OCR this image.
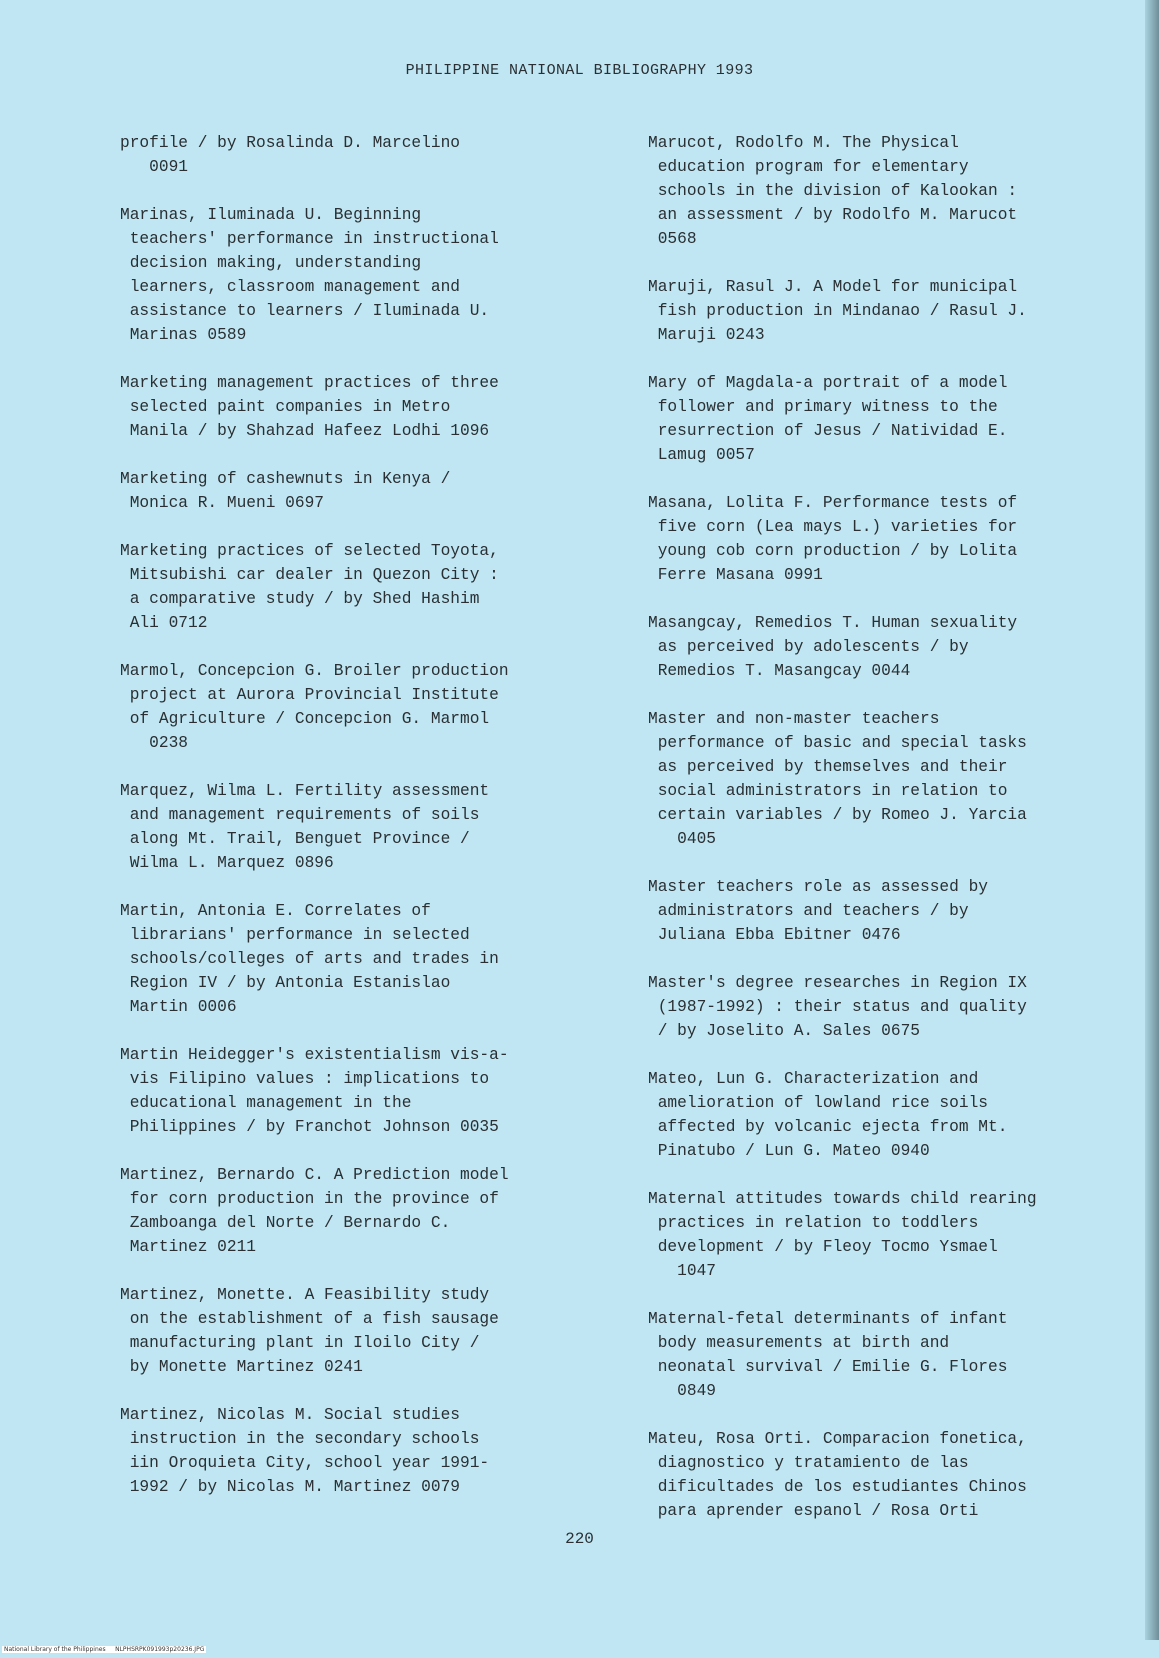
PHILIPPINE NATIONAL BIBLIOGRAPHY 1993
profile / by Rosalinda D. Marcelino
0091
Marinas, Iluminada U. Beginning
teachers' performance in instructional
decision making, understanding
learners, classroom management and
assistance to learners / Iluminada U.
Marinas 0589
Marketing management practices of three
selected paint companies in Metro
Manila / by Shahzad Hafeez Lodhi 1096
Marketing of cashewnuts in Kenya /
Monica R. Mueni 0697
Marketing practices of selected Toyota,
Mitsubishi car dealer in Quezon City :
a comparative study / by Shed Hashim
Ali 0712
Marmol, Concepcion G. Broiler production
project at Aurora Provincial Institute
of Agriculture / Concepcion G. Marmol
0238
Marquez, Wilma L. Fertility assessment
and management requirements of soils
along Mt. Trail, Benguet Province /
Wilma L. Marquez 0896
Martin, Antonia E. Correlates of
librarians' performance in selected
schools/colleges of arts and trades in
Region IV / by Antonia Estanislao
Martin 0006
Martin Heidegger's existentialism vis-a-
vis Filipino values : implications to
educational management in the
Philippines / by Franchot Johnson 0035
Martinez, Bernardo C. A Prediction model
for corn production in the province of
Zamboanga del Norte / Bernardo C.
Martinez 0211
Martinez, Monette. A Feasibility study
on the establishment of a fish sausage
manufacturing plant in Iloilo City /
by Monette Martinez 0241
Martinez, Nicolas M. Social studies
instruction in the secondary schools
iin Oroquieta City, school year 1991-
1992 / by Nicolas M. Martinez 0079
Marucot, Rodolfo M. The Physical
education program for elementary
schools in the division of Kalookan :
an assessment / by Rodolfo M. Marucot
0568
Maruji, Rasul J. A Model for municipal
fish production in Mindanao / Rasul J.
Maruji 0243
Mary of Magdala-a portrait of a model
follower and primary witness to the
resurrection of Jesus / Natividad E.
Lamug 0057
Masana, Lolita F. Performance tests of
five corn (Lea mays L.) varieties for
young cob corn production / by Lolita
Ferre Masana 0991
Masangcay, Remedios T. Human sexuality
as perceived by adolescents / by
Remedios T. Masangcay 0044
Master and non-master teachers
performance of basic and special tasks
as perceived by themselves and their
social administrators in relation to
certain variables / by Romeo J. Yarcia
0405
Master teachers role as assessed by
administrators and teachers / by
Juliana Ebba Ebitner 0476
Master's degree researches in Region IX
(1987-1992) : their status and quality
/ by Joselito A. Sales 0675
Mateo, Lun G. Characterization and
amelioration of lowland rice soils
affected by volcanic ejecta from Mt.
Pinatubo / Lun G. Mateo 0940
Maternal attitudes towards child rearing
practices in relation to toddlers
development / by Fleoy Tocmo Ysmael
1047
Maternal-fetal determinants of infant
body measurements at birth and
neonatal survival / Emilie G. Flores
0849
Mateu, Rosa Orti. Comparacion fonetica,
diagnostico y tratamiento de las
dificultades de los estudiantes Chinos
para aprender espanol / Rosa Orti
220
National Library of the Philippines     NLPHSRPK091993p20236.JPG
